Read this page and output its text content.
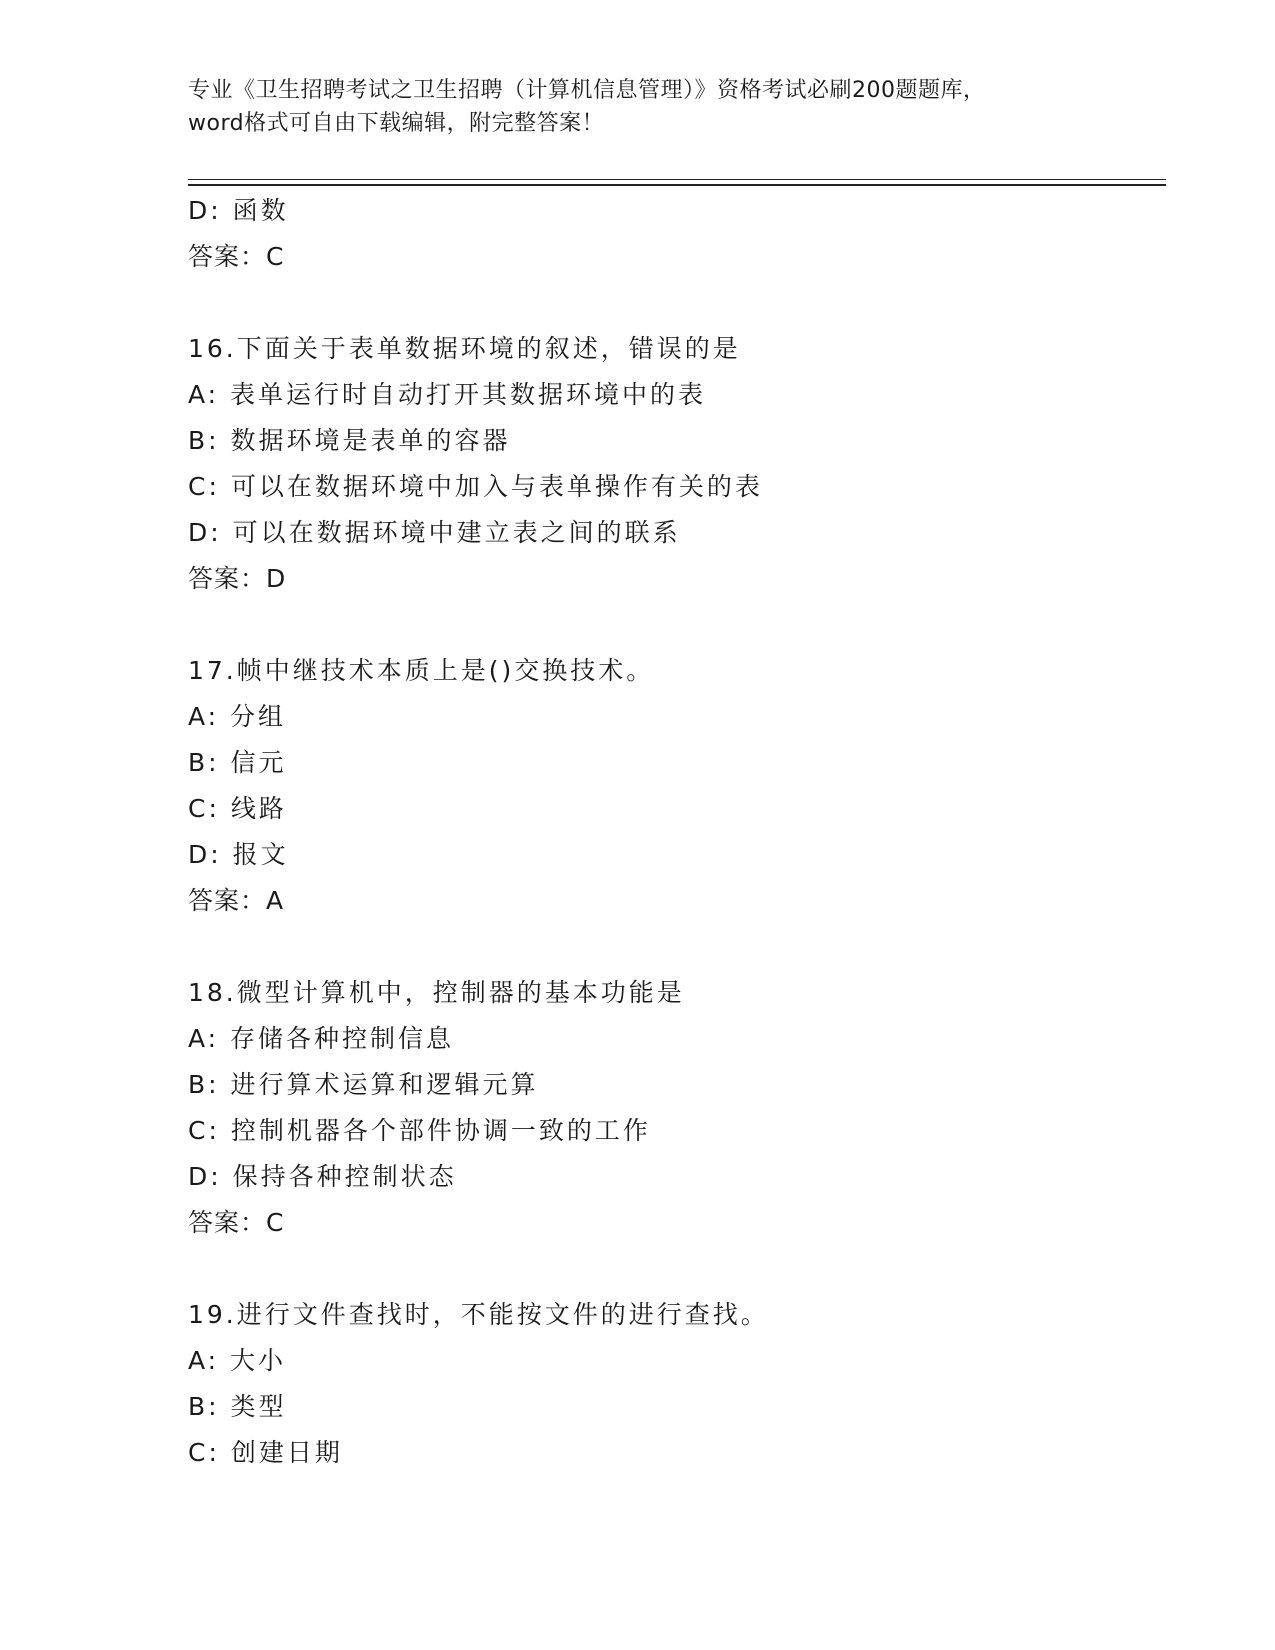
专业《卫生招聘考试之卫生招聘（计算机信息管理）》资格考试必刷200题题库，
word格式可自由下载编辑，附完整答案！
D: 函数
答案：C
16.下面关于表单数据环境的叙述，错误的是
A: 表单运行时自动打开其数据环境中的表
B: 数据环境是表单的容器
C: 可以在数据环境中加入与表单操作有关的表
D: 可以在数据环境中建立表之间的联系
答案：D
17.帧中继技术本质上是()交换技术。
A: 分组
B: 信元
C: 线路
D: 报文
答案：A
18.微型计算机中，控制器的基本功能是
A: 存储各种控制信息
B: 进行算术运算和逻辑元算
C: 控制机器各个部件协调一致的工作
D: 保持各种控制状态
答案：C
19.进行文件查找时，不能按文件的进行查找。
A: 大小
B: 类型
C: 创建日期
